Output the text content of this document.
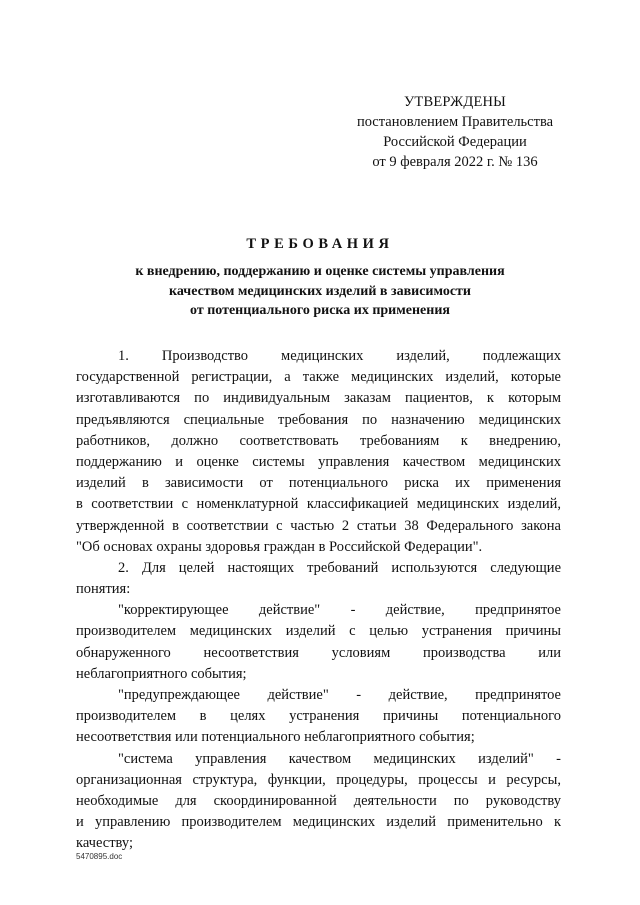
УТВЕРЖДЕНЫ
постановлением Правительства
Российской Федерации
от 9 февраля 2022 г. № 136
ТРЕБОВАНИЯ
к внедрению, поддержанию и оценке системы управления
качеством медицинских изделий в зависимости
от потенциального риска их применения
1. Производство медицинских изделий, подлежащих
государственной регистрации, а также медицинских изделий, которые
изготавливаются по индивидуальным заказам пациентов, к которым
предъявляются специальные требования по назначению медицинских
работников, должно соответствовать требованиям к внедрению,
поддержанию и оценке системы управления качеством медицинских
изделий в зависимости от потенциального риска их применения
в соответствии с номенклатурной классификацией медицинских изделий,
утвержденной в соответствии с частью 2 статьи 38 Федерального закона
"Об основах охраны здоровья граждан в Российской Федерации".
2. Для целей настоящих требований используются следующие
понятия:
"корректирующее действие" - действие, предпринятое
производителем медицинских изделий с целью устранения причины
обнаруженного несоответствия условиям производства или
неблагоприятного события;
"предупреждающее действие" - действие, предпринятое
производителем в целях устранения причины потенциального
несоответствия или потенциального неблагоприятного события;
"система управления качеством медицинских изделий" -
организационная структура, функции, процедуры, процессы и ресурсы,
необходимые для скоординированной деятельности по руководству
и управлению производителем медицинских изделий применительно к
качеству;
5470895.doc
